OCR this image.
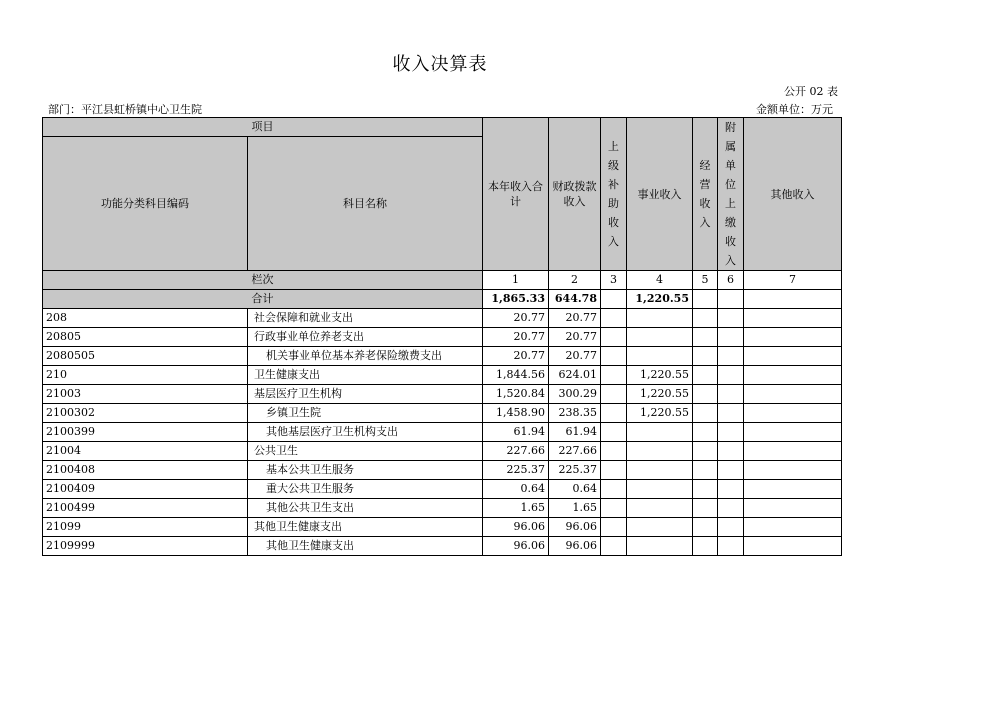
收入决算表
公开 02 表
部门：平江县虹桥镇中心卫生院	金额单位：万元
项目		本年收入合计	财政拨款收入	上级补助收入	事业收入	经营收入	附属单位上缴收入	其他收入
功能分类科目编码	科目名称							
栏次		1	2	3	4	5	6	7
合计		1,865.33	644.78		1,220.55			
208	社会保障和就业支出	20.77	20.77					
20805	行政事业单位养老支出	20.77	20.77					
2080505	机关事业单位基本养老保险缴费支出	20.77	20.77					
210	卫生健康支出	1,844.56	624.01		1,220.55			
21003	基层医疗卫生机构	1,520.84	300.29		1,220.55			
2100302	乡镇卫生院	1,458.90	238.35		1,220.55			
2100399	其他基层医疗卫生机构支出	61.94	61.94					
21004	公共卫生	227.66	227.66					
2100408	基本公共卫生服务	225.37	225.37					
2100409	重大公共卫生服务	0.64	0.64					
2100499	其他公共卫生支出	1.65	1.65					
21099	其他卫生健康支出	96.06	96.06					
2109999	其他卫生健康支出	96.06	96.06					
